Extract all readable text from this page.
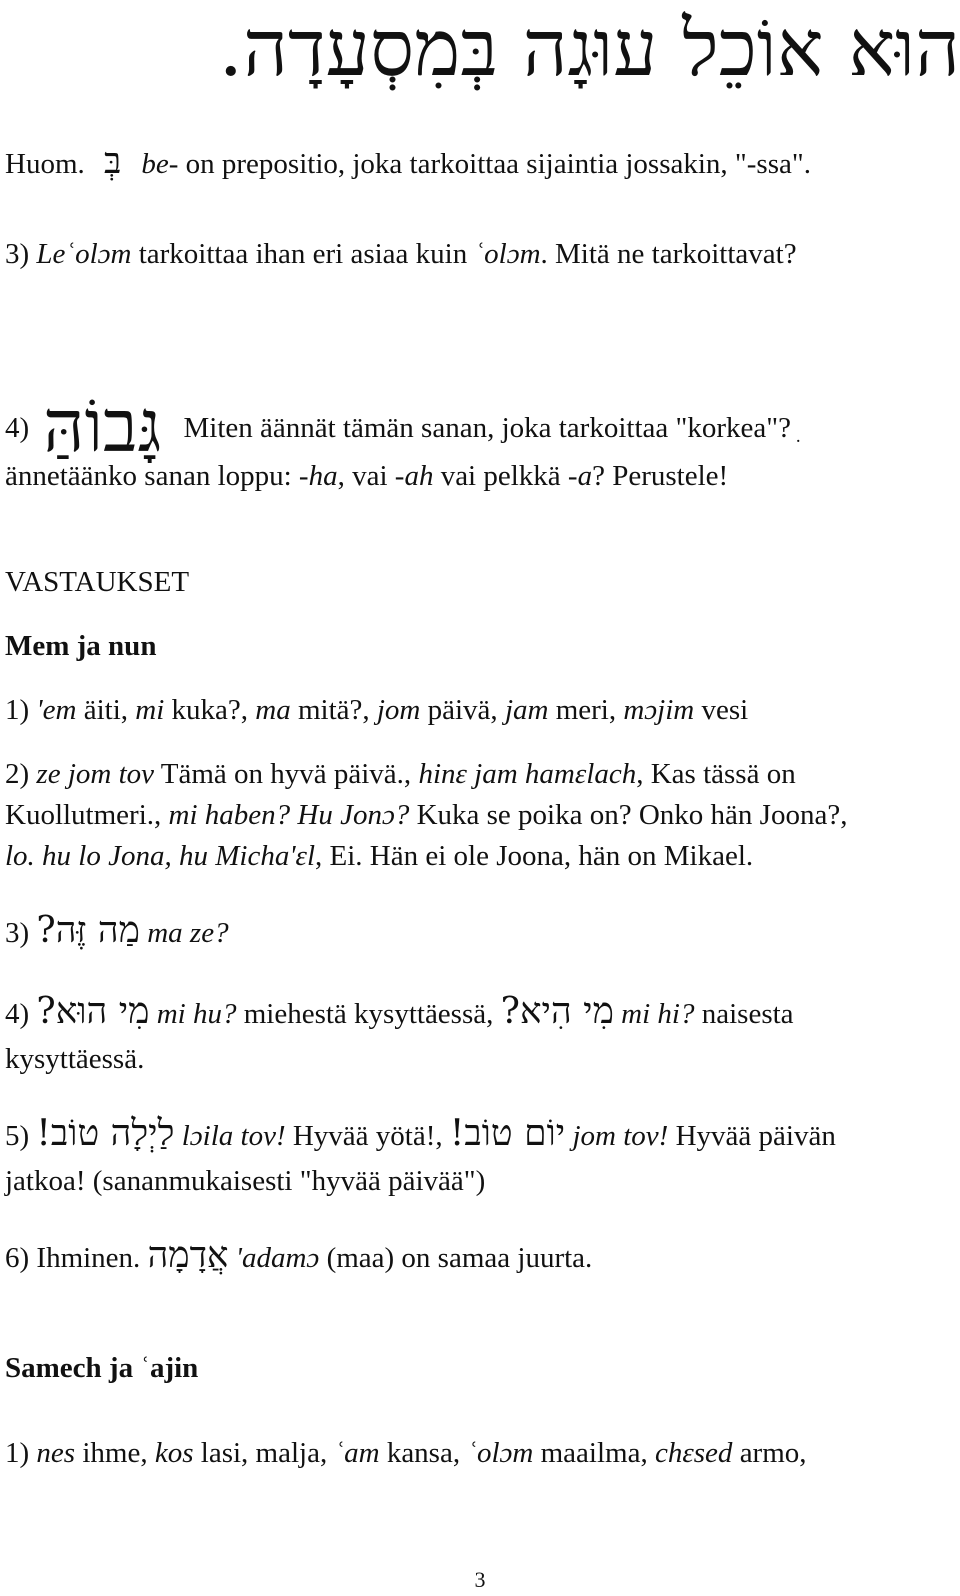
הוּא אוֹכֵל עוּגָה בְּמִסְעָדָה.
Huom. בְּ be- on prepositio, joka tarkoittaa sijaintia jossakin, "-ssa".
3) Leʿolɔm tarkoittaa ihan eri asiaa kuin ʿolɔm. Mitä ne tarkoittavat?
4) גָּבוֹהַּ Miten äännät tämän sanan, joka tarkoittaa "korkea"? ִ
ännetäänko sanan loppu: -ha, vai -ah vai pelkkä -a? Perustele!
VASTAUKSET
Mem ja nun
1) 'em äiti, mi kuka?, ma mitä?, jom päivä, jam meri, mɔjim vesi
2) ze jom tov Tämä on hyvä päivä., hinɛ jam hamɛlach, Kas tässä on
Kuollutmeri., mi haben? Hu Jonɔ? Kuka se poika on? Onko hän Joona?,
lo. hu lo Jona, hu Micha'ɛl, Ei. Hän ei ole Joona, hän on Mikael.
3) מַה זֶּה? ma ze?
4) מִי הוּא? mi hu? miehestä kysyttäessä, מִי הִיא? mi hi? naisesta
kysyttäessä.
5) לַיְלָה טוֹב! lɔila tov! Hyvää yötä!, יוֹם טוֹב! jom tov! Hyvää päivän
jatkoa! (sananmukaisesti "hyvää päivää")
6) Ihminen. אֲדָמָה 'adamɔ (maa) on samaa juurta.
Samech ja ʿajin
1) nes ihme, kos lasi, malja, ʿam kansa, ʿolɔm maailma, chɛsed armo,
3
